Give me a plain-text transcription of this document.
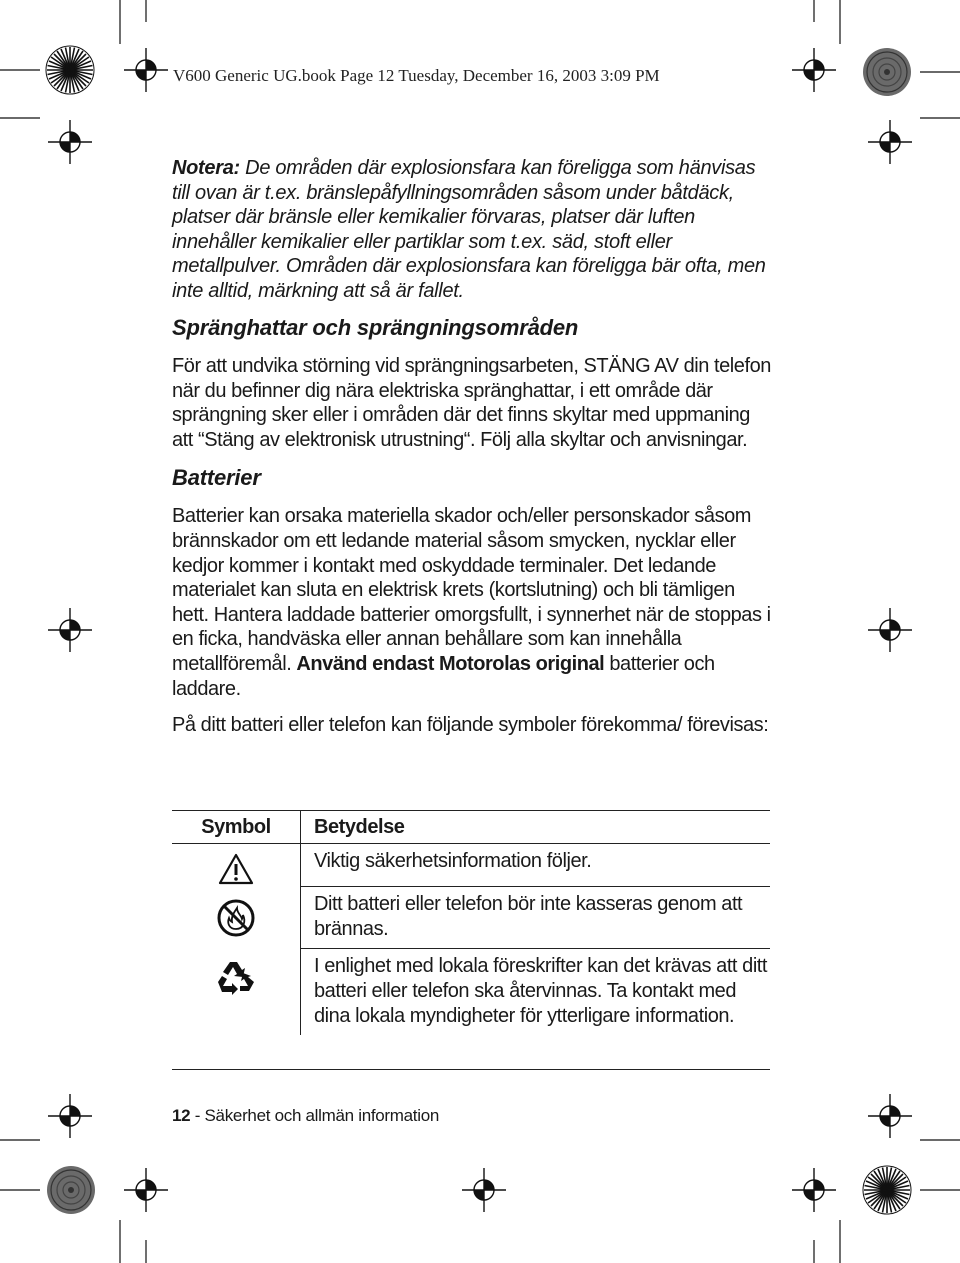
V600 Generic UG.book Page 12 Tuesday, December 16, 2003 3:09 PM

Notera: De områden där explosionsfara kan föreligga som hänvisas till ovan är t.ex. bränslepåfyllningsområden såsom under båtdäck, platser där bränsle eller kemikalier förvaras, platser där luften innehåller kemikalier eller partiklar som t.ex. säd, stoft eller metallpulver. Områden där explosionsfara kan föreligga bär ofta, men inte alltid, märkning att så är fallet.

Spränghattar och sprängningsområden

För att undvika störning vid sprängningsarbeten, STÄNG AV din telefon när du befinner dig nära elektriska spränghattar, i ett område där sprängning sker eller i områden där det finns skyltar med uppmaning att “Stäng av elektronisk utrustning“. Följ alla skyltar och anvisningar.

Batterier

Batterier kan orsaka materiella skador och/eller personskador såsom brännskador om ett ledande material såsom smycken, nycklar eller kedjor kommer i kontakt med oskyddade terminaler. Det ledande materialet kan sluta en elektrisk krets (kortslutning) och bli tämligen hett. Hantera laddade batterier omorgsfullt, i synnerhet när de stoppas i en ficka, handväska eller annan behållare som kan innehålla metallföremål. Använd endast Motorolas original batterier och laddare.

På ditt batteri eller telefon kan följande symboler förekomma/ förevisas:

Symbol	Betydelse

	Viktig säkerhetsinformation följer.

	Ditt batteri eller telefon bör inte kasseras genom att brännas.

	I enlighet med lokala föreskrifter kan det krävas att ditt batteri eller telefon ska återvinnas. Ta kontakt med dina lokala myndigheter för ytterligare information.
12 - Säkerhet och allmän information
